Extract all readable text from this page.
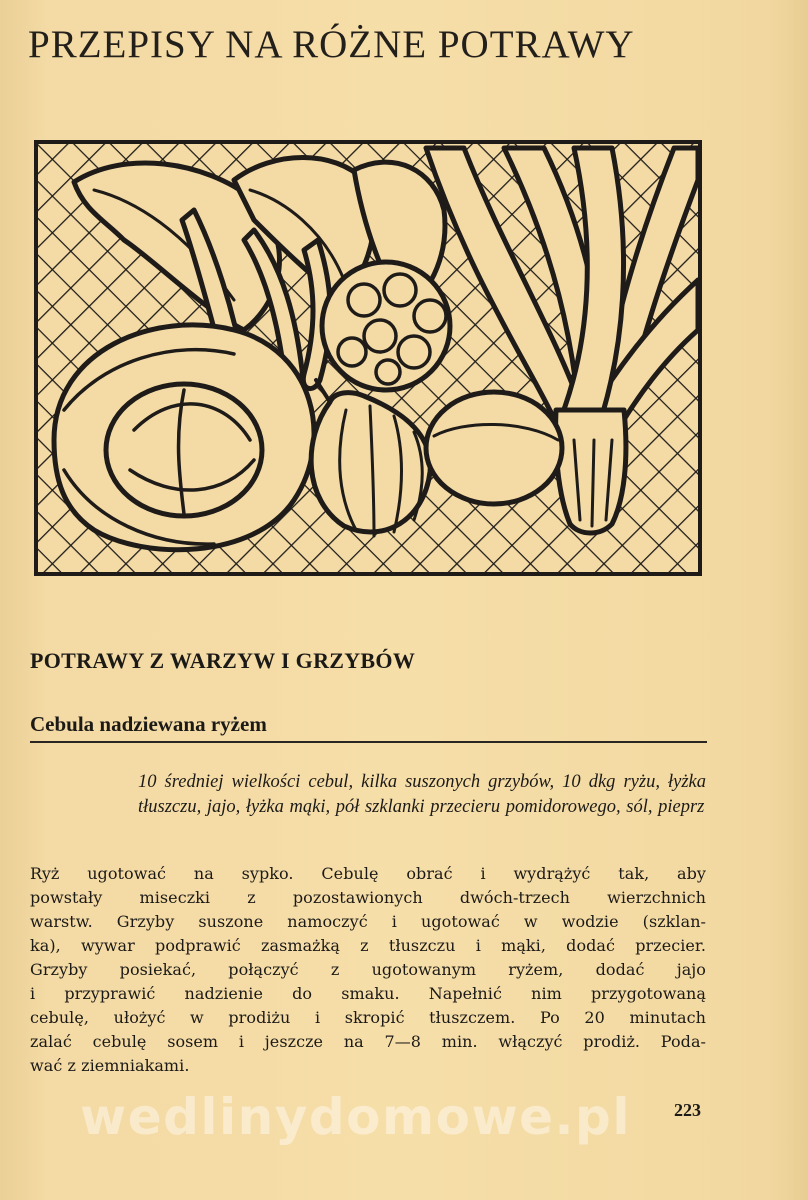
PRZEPISY NA RÓŻNE POTRAWY
POTRAWY Z WARZYW I GRZYBÓW
Cebula nadziewana ryżem

10 średniej wielkości cebul, kilka suszonych grzybów, 10 dkg ryżu, łyżka tłuszczu, jajo, łyżka mąki, pół szklanki przecieru pomidorowego, sól, pieprz

Ryż ugotować na sypko. Cebulę obrać i wydrążyć tak, aby
powstały miseczki z pozostawionych dwóch-trzech wierzchnich
warstw. Grzyby suszone namoczyć i ugotować w wodzie (szklan-
ka), wywar podprawić zasmażką z tłuszczu i mąki, dodać przecier.
Grzyby posiekać, połączyć z ugotowanym ryżem, dodać jajo
i przyprawić nadzienie do smaku. Napełnić nim przygotowaną
cebulę, ułożyć w prodiżu i skropić tłuszczem. Po 20 minutach
zalać cebulę sosem i jeszcze na 7—8 min. włączyć prodiż. Poda-
wać z ziemniakami.

wedlinydomowe.pl 223
